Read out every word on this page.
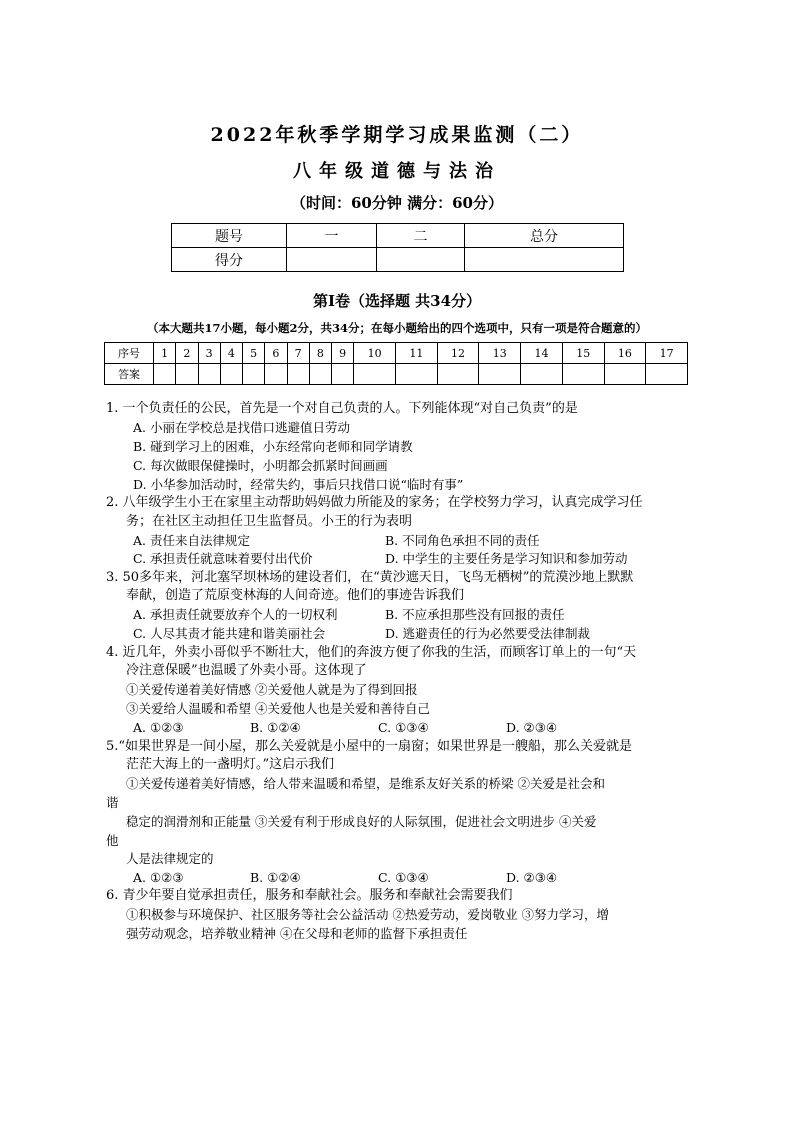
2022年秋季学期学习成果监测（二）
八年级道德与法治
（时间：60分钟 满分：60分）
题号	一	二	总分
得分			
第Ⅰ卷（选择题 共34分）
（本大题共17小题，每小题2分，共34分；在每小题给出的四个选项中，只有一项是符合题意的）
序号	1	2	3	4	5	6	7	8	9	10	11	12	13	14	15	16	17
答案																	
1. 一个负责任的公民，首先是一个对自己负责的人。下列能体现“对自己负责”的是
A. 小丽在学校总是找借口逃避值日劳动
B. 碰到学习上的困难，小东经常向老师和同学请教
C. 每次做眼保健操时，小明都会抓紧时间画画
D. 小华参加活动时，经常失约，事后只找借口说“临时有事”
2. 八年级学生小王在家里主动帮助妈妈做力所能及的家务；在学校努力学习，认真完成学习任
务；在社区主动担任卫生监督员。小王的行为表明
A. 责任来自法律规定	B. 不同角色承担不同的责任
C. 承担责任就意味着要付出代价	D. 中学生的主要任务是学习知识和参加劳动
3. 50多年来，河北塞罕坝林场的建设者们，在“黄沙遮天日，飞鸟无栖树”的荒漠沙地上默默
奉献，创造了荒原变林海的人间奇迹。他们的事迹告诉我们
A. 承担责任就要放弃个人的一切权利	B. 不应承担那些没有回报的责任
C. 人尽其责才能共建和谐美丽社会	D. 逃避责任的行为必然要受法律制裁
4. 近几年，外卖小哥似乎不断壮大，他们的奔波方便了你我的生活，而顾客订单上的一句“天
冷注意保暖”也温暖了外卖小哥。这体现了
①关爱传递着美好情感 ②关爱他人就是为了得到回报
③关爱给人温暖和希望 ④关爱他人也是关爱和善待自己
A. ①②③	B. ①②④	C. ①③④	D. ②③④
5.“如果世界是一间小屋，那么关爱就是小屋中的一扇窗；如果世界是一艘船，那么关爱就是
茫茫大海上的一盏明灯。”这启示我们
①关爱传递着美好情感，给人带来温暖和希望，是维系友好关系的桥梁 ②关爱是社会和
谐
稳定的润滑剂和正能量 ③关爱有利于形成良好的人际氛围，促进社会文明进步 ④关爱
他
人是法律规定的
A. ①②③	B. ①②④	C. ①③④	D. ②③④
6. 青少年要自觉承担责任，服务和奉献社会。服务和奉献社会需要我们
①积极参与环境保护、社区服务等社会公益活动 ②热爱劳动，爱岗敬业 ③努力学习，增
强劳动观念，培养敬业精神 ④在父母和老师的监督下承担责任
